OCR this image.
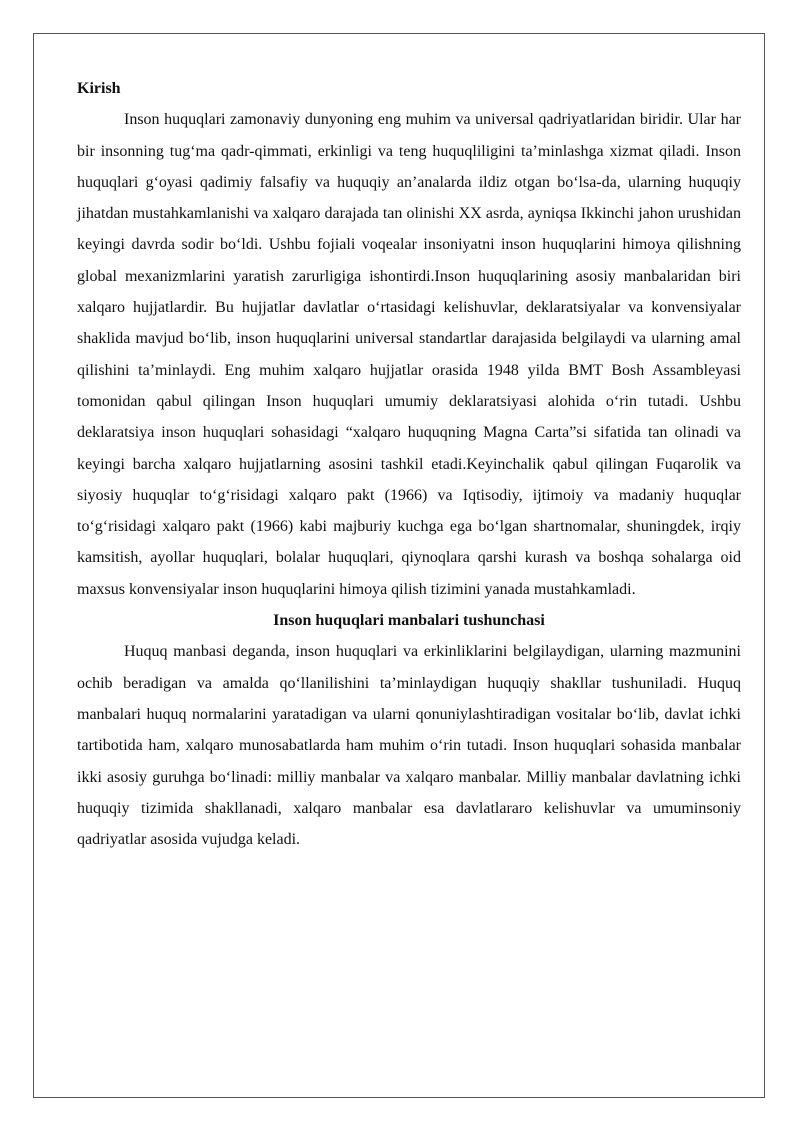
Kirish

Inson huquqlari zamonaviy dunyoning eng muhim va universal qadriyatlaridan biridir. Ular har bir insonning tug‘ma qadr-qimmati, erkinligi va teng huquqliligini ta’minlashga xizmat qiladi. Inson huquqlari g‘oyasi qadimiy falsafiy va huquqiy an’analarda ildiz otgan bo‘lsa-da, ularning huquqiy jihatdan mustahkamlanishi va xalqaro darajada tan olinishi XX asrda, ayniqsa Ikkinchi jahon urushidan keyingi davrda sodir bo‘ldi. Ushbu fojiali voqealar insoniyatni inson huquqlarini himoya qilishning global mexanizmlarini yaratish zarurligiga ishontirdi.Inson huquqlarining asosiy manbalaridan biri xalqaro hujjatlardir. Bu hujjatlar davlatlar o‘rtasidagi kelishuvlar, deklaratsiyalar va konvensiyalar shaklida mavjud bo‘lib, inson huquqlarini universal standartlar darajasida belgilaydi va ularning amal qilishini ta’minlaydi. Eng muhim xalqaro hujjatlar orasida 1948 yilda BMT Bosh Assambleyasi tomonidan qabul qilingan Inson huquqlari umumiy deklaratsiyasi alohida o‘rin tutadi. Ushbu deklaratsiya inson huquqlari sohasidagi “xalqaro huquqning Magna Carta”si sifatida tan olinadi va keyingi barcha xalqaro hujjatlarning asosini tashkil etadi.Keyinchalik qabul qilingan Fuqarolik va siyosiy huquqlar to‘g‘risidagi xalqaro pakt (1966) va Iqtisodiy, ijtimoiy va madaniy huquqlar to‘g‘risidagi xalqaro pakt (1966) kabi majburiy kuchga ega bo‘lgan shartnomalar, shuningdek, irqiy kamsitish, ayollar huquqlari, bolalar huquqlari, qiynoqlara qarshi kurash va boshqa sohalarga oid maxsus konvensiyalar inson huquqlarini himoya qilish tizimini yanada mustahkamladi.

Inson huquqlari manbalari tushunchasi

Huquq manbasi deganda, inson huquqlari va erkinliklarini belgilaydigan, ularning mazmunini ochib beradigan va amalda qo‘llanilishini ta’minlaydigan huquqiy shakllar tushuniladi. Huquq manbalari huquq normalarini yaratadigan va ularni qonuniylashtiradigan vositalar bo‘lib, davlat ichki tartibotida ham, xalqaro munosabatlarda ham muhim o‘rin tutadi. Inson huquqlari sohasida manbalar ikki asosiy guruhga bo‘linadi: milliy manbalar va xalqaro manbalar. Milliy manbalar davlatning ichki huquqiy tizimida shakllanadi, xalqaro manbalar esa davlatlararo kelishuvlar va umuminsoniy qadriyatlar asosida vujudga keladi.
